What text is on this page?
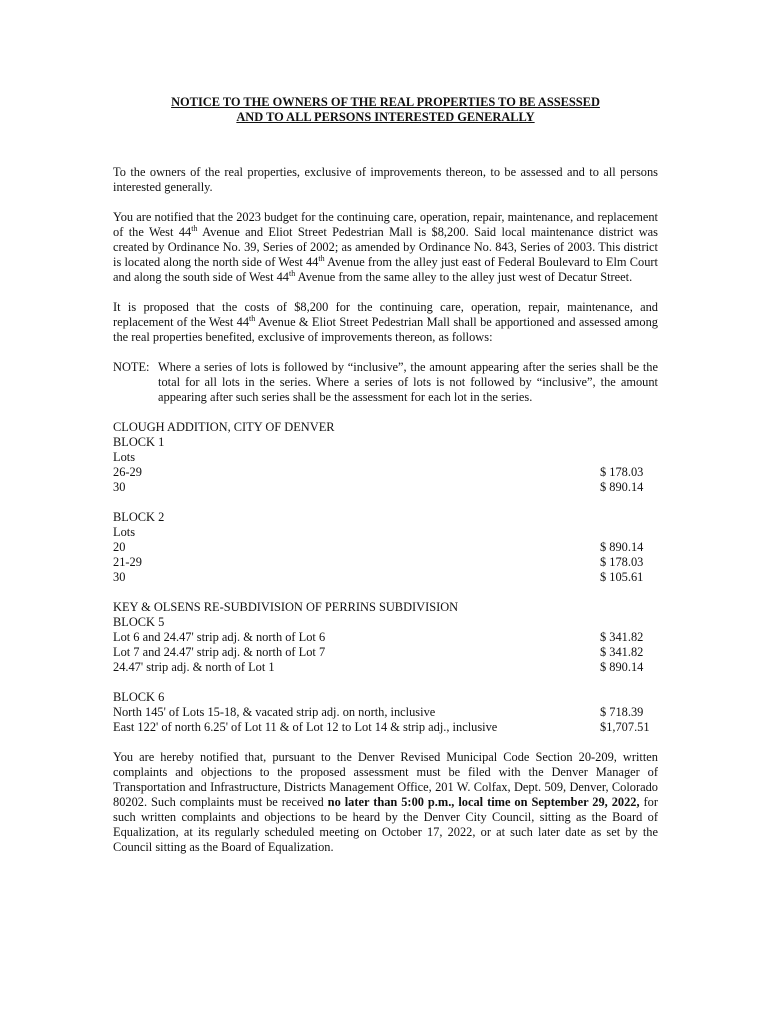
NOTICE TO THE OWNERS OF THE REAL PROPERTIES TO BE ASSESSED
AND TO ALL PERSONS INTERESTED GENERALLY

To the owners of the real properties, exclusive of improvements thereon, to be assessed and to all persons interested generally.

You are notified that the 2023 budget for the continuing care, operation, repair, maintenance, and replacement of the West 44th Avenue and Eliot Street Pedestrian Mall is $8,200. Said local maintenance district was created by Ordinance No. 39, Series of 2002; as amended by Ordinance No. 843, Series of 2003. This district is located along the north side of West 44th Avenue from the alley just east of Federal Boulevard to Elm Court and along the south side of West 44th Avenue from the same alley to the alley just west of Decatur Street.

It is proposed that the costs of $8,200 for the continuing care, operation, repair, maintenance, and replacement of the West 44th Avenue & Eliot Street Pedestrian Mall shall be apportioned and assessed among the real properties benefited, exclusive of improvements thereon, as follows:

NOTE: Where a series of lots is followed by “inclusive”, the amount appearing after the series shall be the total for all lots in the series. Where a series of lots is not followed by “inclusive”, the amount appearing after such series shall be the assessment for each lot in the series.
CLOUGH ADDITION, CITY OF DENVER
BLOCK 1
Lots
26-29	$ 178.03
30	$ 890.14
BLOCK 2
Lots
20	$ 890.14
21-29	$ 178.03
30	$ 105.61
KEY & OLSENS RE-SUBDIVISION OF PERRINS SUBDIVISION
BLOCK 5
Lot 6 and 24.47' strip adj. & north of Lot 6	$ 341.82
Lot 7 and 24.47' strip adj. & north of Lot 7	$ 341.82
24.47' strip adj. & north of Lot 1	$ 890.14
BLOCK 6
North 145' of Lots 15-18, & vacated strip adj. on north, inclusive	$ 718.39
East 122' of north 6.25' of Lot 11 & of Lot 12 to Lot 14 & strip adj., inclusive	$1,707.51

You are hereby notified that, pursuant to the Denver Revised Municipal Code Section 20-209, written complaints and objections to the proposed assessment must be filed with the Denver Manager of Transportation and Infrastructure, Districts Management Office, 201 W. Colfax, Dept. 509, Denver, Colorado 80202. Such complaints must be received no later than 5:00 p.m., local time on September 29, 2022, for such written complaints and objections to be heard by the Denver City Council, sitting as the Board of Equalization, at its regularly scheduled meeting on October 17, 2022, or at such later date as set by the Council sitting as the Board of Equalization.
